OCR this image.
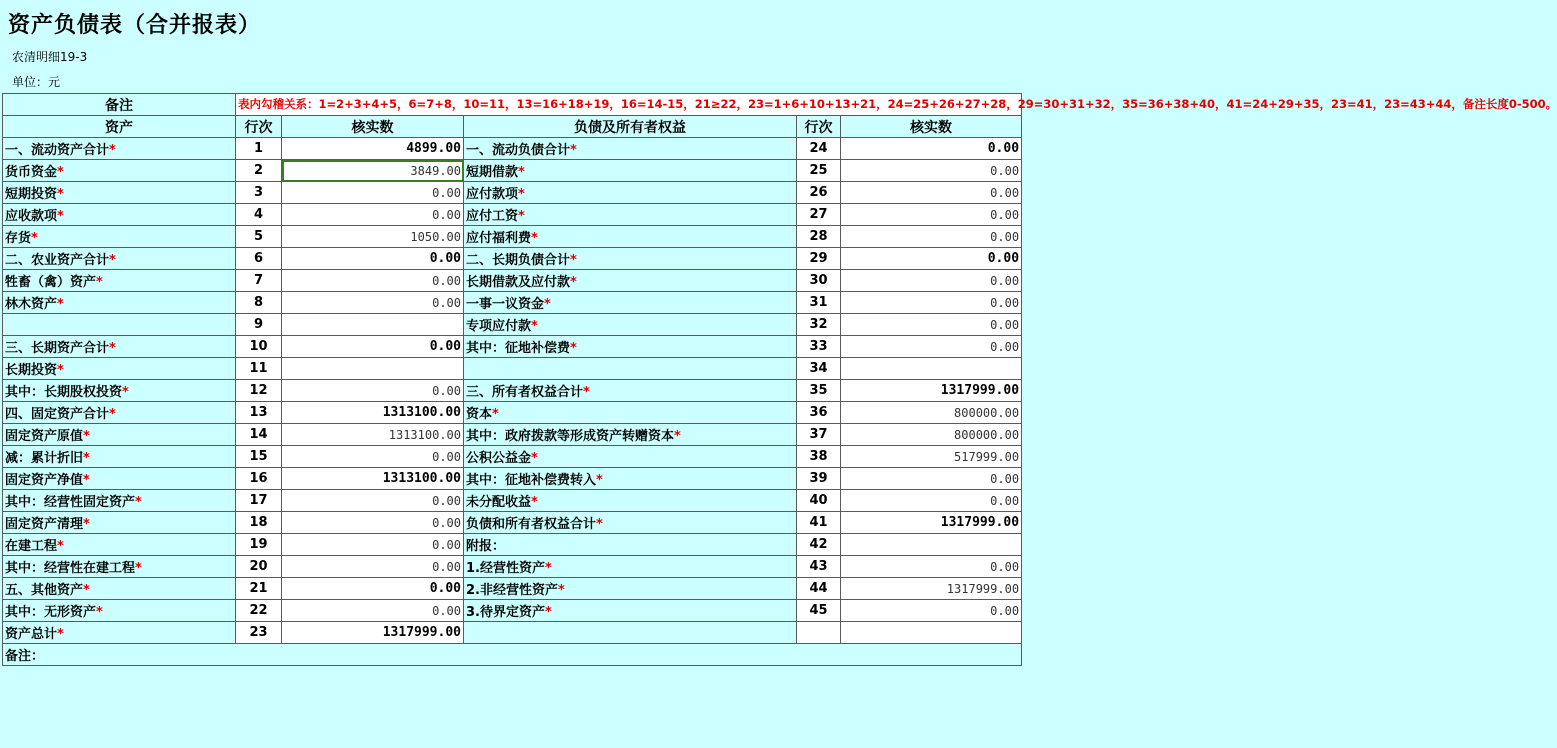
资产负债表（合并报表）
农清明细19-3
单位：元
备注	表内勾稽关系：1=2+3+4+5，6=7+8，10=11，13=16+18+19，16=14-15，21≥22，23=1+6+10+13+21，24=25+26+27+28，29=30+31+32，35=36+38+40，41=24+29+35，23=41，23=43+44，备注长度0-500。				
资产	行次	核实数	负债及所有者权益	行次	核实数
一、流动资产合计*	1	4899.00	一、流动负债合计*	24	0.00
货币资金*	2	3849.00	短期借款*	25	0.00
短期投资*	3	0.00	应付款项*	26	0.00
应收款项*	4	0.00	应付工资*	27	0.00
存货*	5	1050.00	应付福利费*	28	0.00
二、农业资产合计*	6	0.00	二、长期负债合计*	29	0.00
牲畜（禽）资产*	7	0.00	长期借款及应付款*	30	0.00
林木资产*	8	0.00	一事一议资金*	31	0.00
	9		专项应付款*	32	0.00
三、长期资产合计*	10	0.00	其中：征地补偿费*	33	0.00
长期投资*	11			34	
其中：长期股权投资*	12	0.00	三、所有者权益合计*	35	1317999.00
四、固定资产合计*	13	1313100.00	资本*	36	800000.00
固定资产原值*	14	1313100.00	其中：政府拨款等形成资产转赠资本*	37	800000.00
减：累计折旧*	15	0.00	公积公益金*	38	517999.00
固定资产净值*	16	1313100.00	其中：征地补偿费转入*	39	0.00
其中：经营性固定资产*	17	0.00	未分配收益*	40	0.00
固定资产清理*	18	0.00	负债和所有者权益合计*	41	1317999.00
在建工程*	19	0.00	附报：	42	
其中：经营性在建工程*	20	0.00	1.经营性资产*	43	0.00
五、其他资产*	21	0.00	2.非经营性资产*	44	1317999.00
其中：无形资产*	22	0.00	3.待界定资产*	45	0.00
资产总计*	23	1317999.00			
备注：					
